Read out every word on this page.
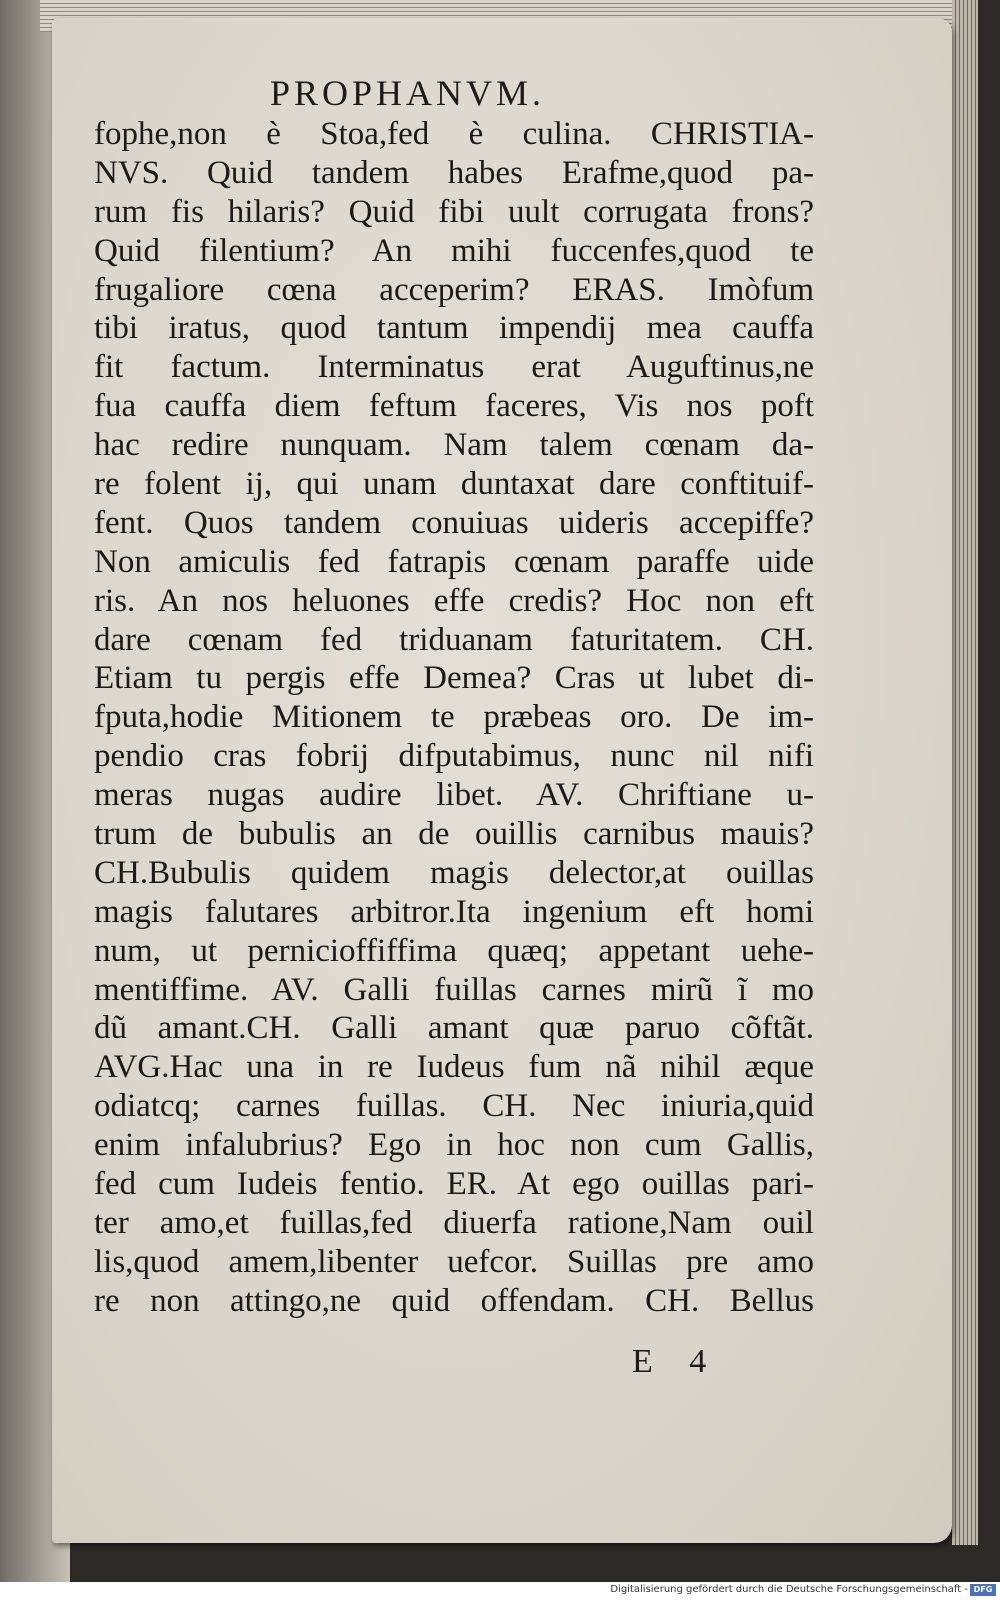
PROPHANVM.
fophe,non è Stoa,fed è culina. CHRISTIA-
NVS. Quid tandem habes Erafme,quod pa-
rum fis hilaris? Quid fibi uult corrugata frons?
Quid filentium? An mihi fuccenfes,quod te
frugaliore cœna acceperim? ERAS. Imòfum
tibi iratus, quod tantum impendij mea cauffa
fit factum. Interminatus erat Auguftinus,ne
fua cauffa diem feftum faceres, Vis nos poft
hac redire nunquam. Nam talem cœnam da-
re folent ij, qui unam duntaxat dare conftituif-
fent. Quos tandem conuiuas uideris accepiffe?
Non amiculis fed fatrapis cœnam paraffe uide
ris. An nos heluones effe credis? Hoc non eft
dare cœnam fed triduanam faturitatem. CH.
Etiam tu pergis effe Demea? Cras ut lubet di-
fputa,hodie Mitionem te præbeas oro. De im-
pendio cras fobrij difputabimus, nunc nil nifi
meras nugas audire libet. AV. Chriftiane u-
trum de bubulis an de ouillis carnibus mauis?
CH.Bubulis quidem magis delector,at ouillas
magis falutares arbitror.Ita ingenium eft homi
num, ut pernicioffiffima quæq; appetant uehe-
mentiffime. AV. Galli fuillas carnes mirũ ĩ mo
dũ amant.CH. Galli amant quæ paruo cõftãt.
AVG.Hac una in re Iudeus fum nã nihil æque
odiatcq; carnes fuillas. CH. Nec iniuria,quid
enim infalubrius? Ego in hoc non cum Gallis,
fed cum Iudeis fentio. ER. At ego ouillas pari-
ter amo,et fuillas,fed diuerfa ratione,Nam ouil
lis,quod amem,libenter uefcor. Suillas pre amo
re non attingo,ne quid offendam. CH. Bellus
E 4
Digitalisierung gefördert durch die Deutsche Forschungsgemeinschaft - DFG
